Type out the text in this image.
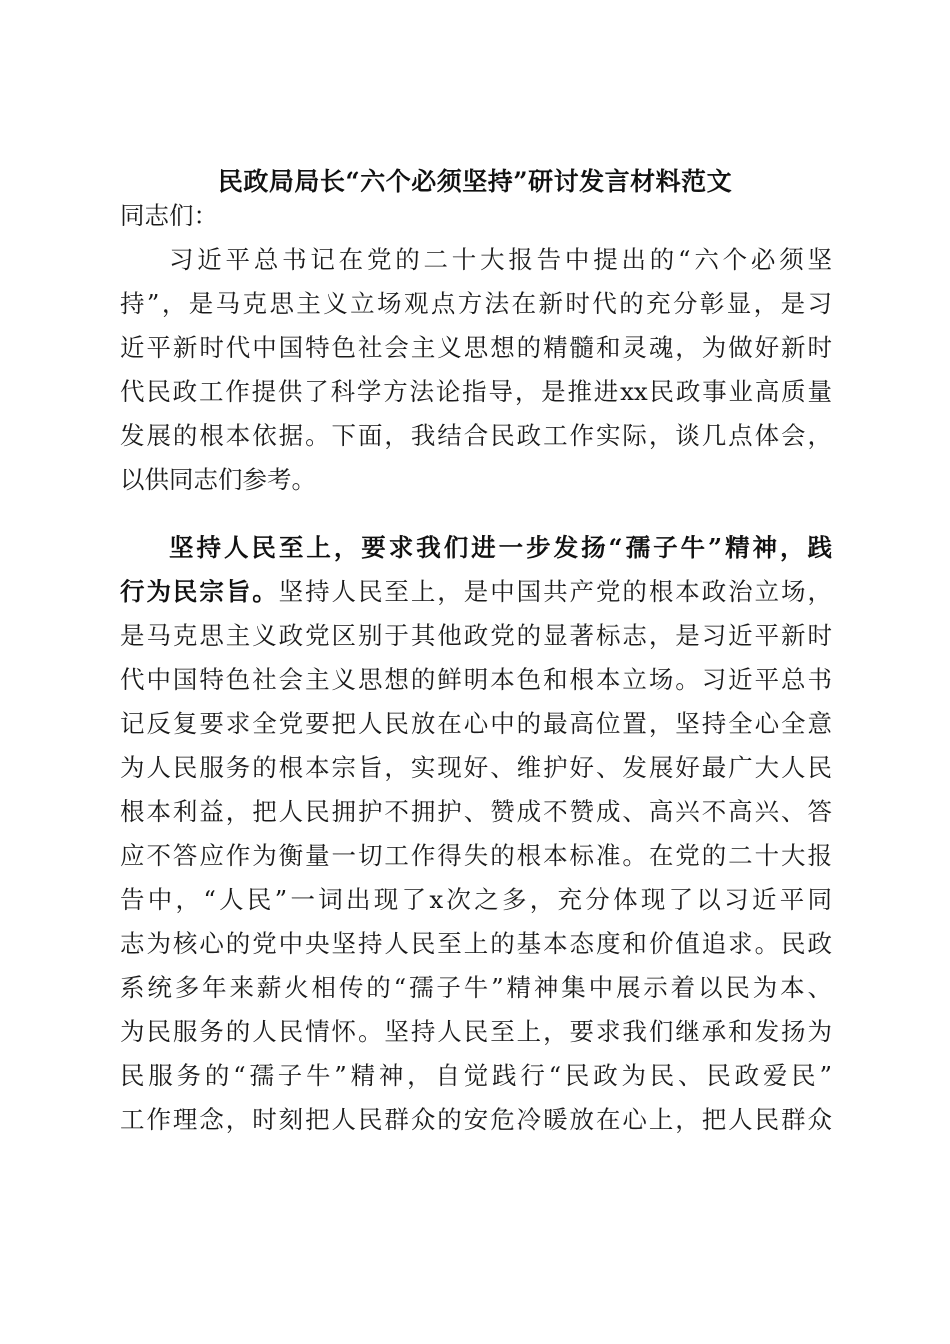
民政局局长“六个必须坚持”研讨发言材料范文
同志们：
习近平总书记在党的二十大报告中提出的“六个必须坚
持”，是马克思主义立场观点方法在新时代的充分彰显，是习
近平新时代中国特色社会主义思想的精髓和灵魂，为做好新时
代民政工作提供了科学方法论指导，是推进xx民政事业高质量
发展的根本依据。下面，我结合民政工作实际，谈几点体会，
以供同志们参考。
坚持人民至上，要求我们进一步发扬“孺子牛”精神，践
行为民宗旨。坚持人民至上，是中国共产党的根本政治立场，
是马克思主义政党区别于其他政党的显著标志，是习近平新时
代中国特色社会主义思想的鲜明本色和根本立场。习近平总书
记反复要求全党要把人民放在心中的最高位置，坚持全心全意
为人民服务的根本宗旨，实现好、维护好、发展好最广大人民
根本利益，把人民拥护不拥护、赞成不赞成、高兴不高兴、答
应不答应作为衡量一切工作得失的根本标准。在党的二十大报
告中，“人民”一词出现了x次之多，充分体现了以习近平同
志为核心的党中央坚持人民至上的基本态度和价值追求。民政
系统多年来薪火相传的“孺子牛”精神集中展示着以民为本、
为民服务的人民情怀。坚持人民至上，要求我们继承和发扬为
民服务的“孺子牛”精神，自觉践行“民政为民、民政爱民”
工作理念，时刻把人民群众的安危冷暖放在心上，把人民群众
